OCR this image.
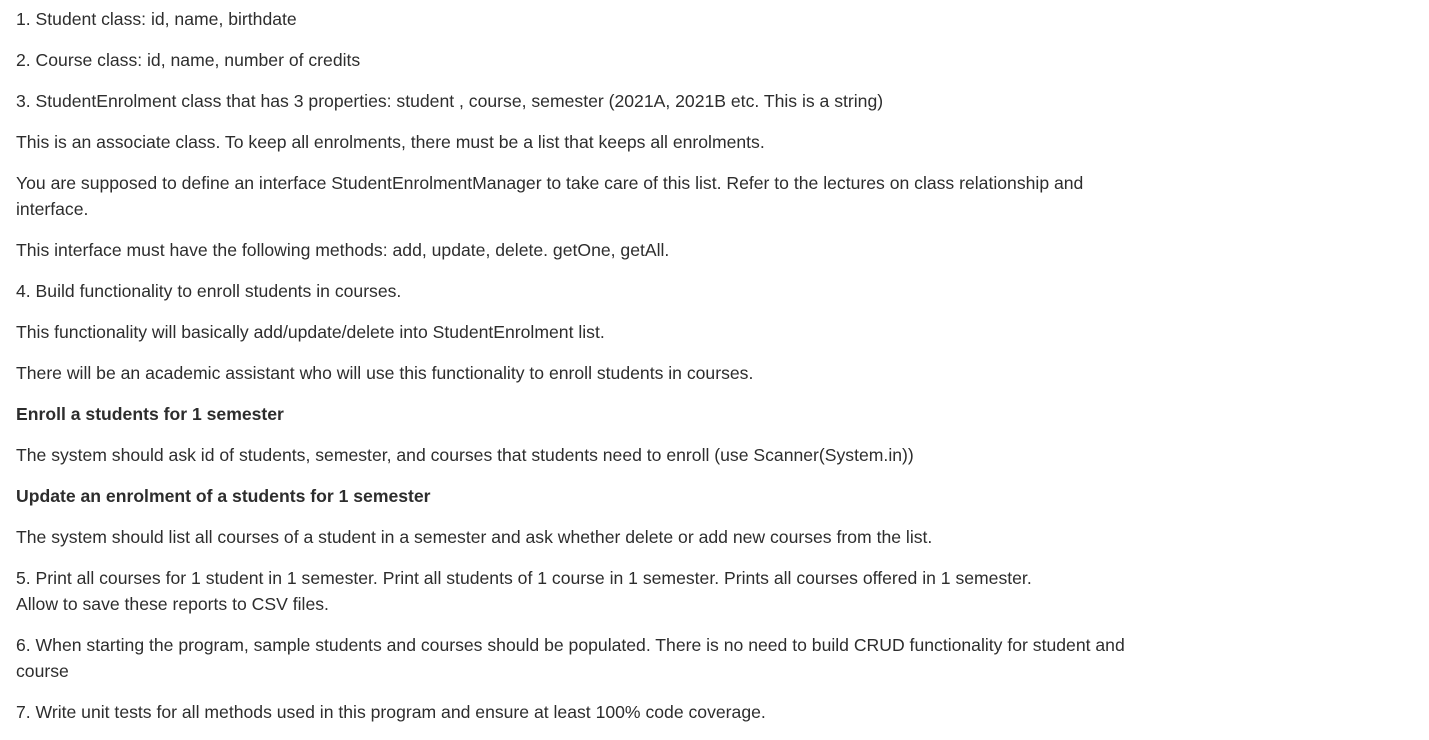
1. Student class: id, name, birthdate

2. Course class: id, name, number of credits

3. StudentEnrolment class that has 3 properties: student , course, semester (2021A, 2021B etc. This is a string)

This is an associate class. To keep all enrolments, there must be a list that keeps all enrolments.

You are supposed to define an interface StudentEnrolmentManager to take care of this list. Refer to the lectures on class relationship and interface.

This interface must have the following methods: add, update, delete. getOne, getAll.

4. Build functionality to enroll students in courses.

This functionality will basically add/update/delete into StudentEnrolment list.

There will be an academic assistant who will use this functionality to enroll students in courses.

Enroll a students for 1 semester

The system should ask id of students, semester, and courses that students need to enroll (use Scanner(System.in))

Update an enrolment of a students for 1 semester

The system should list all courses of a student in a semester and ask whether delete or add new courses from the list.

5. Print all courses for 1 student in 1 semester. Print all students of 1 course in 1 semester. Prints all courses offered in 1 semester.
Allow to save these reports to CSV files.

6. When starting the program, sample students and courses should be populated. There is no need to build CRUD functionality for student and course

7. Write unit tests for all methods used in this program and ensure at least 100% code coverage.
